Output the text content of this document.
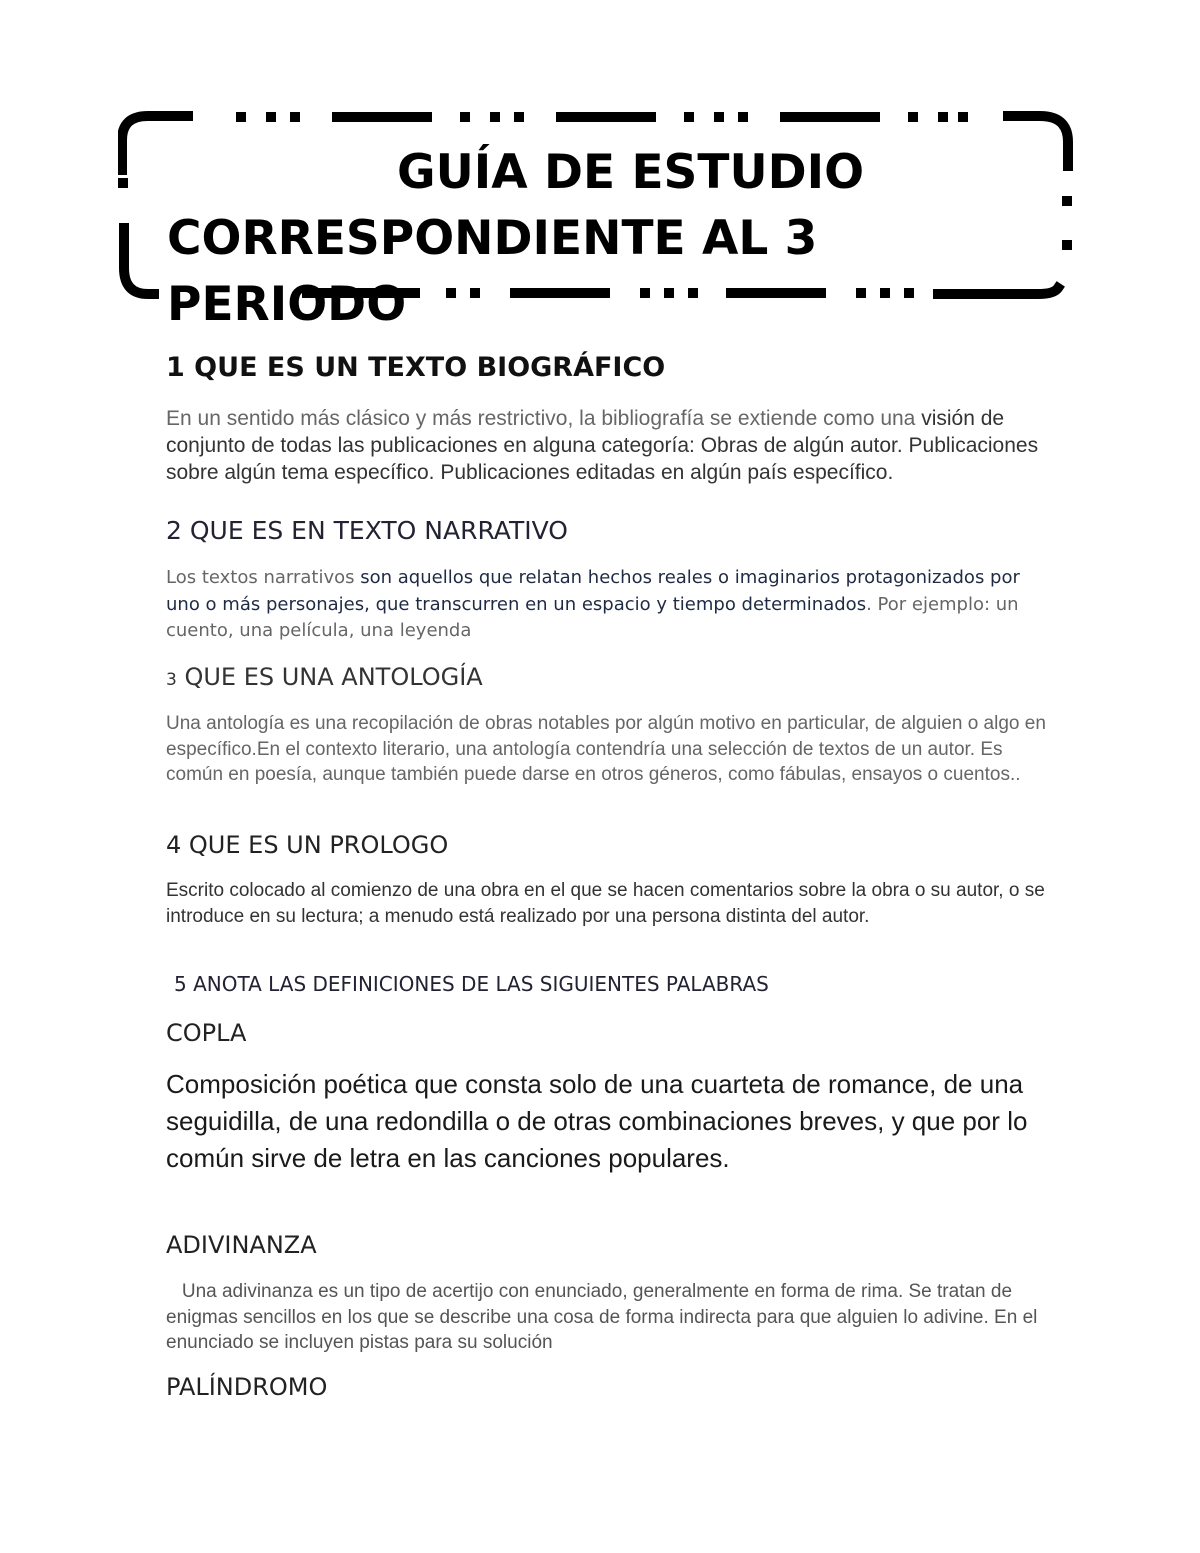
GUÍA DE ESTUDIO
CORRESPONDIENTE AL 3
PERIODO
1 QUE ES UN TEXTO BIOGRÁFICO

En un sentido más clásico y más restrictivo, la bibliografía se extiende como una visión de conjunto de todas las publicaciones en alguna categoría: Obras de algún autor. Publicaciones sobre algún tema específico. Publicaciones editadas en algún país específico.

2 QUE ES EN TEXTO NARRATIVO

Los textos narrativos son aquellos que relatan hechos reales o imaginarios protagonizados por uno o más personajes, que transcurren en un espacio y tiempo determinados. Por ejemplo: un cuento, una película, una leyenda

3 QUE ES UNA ANTOLOGÍA

Una antología es una recopilación de obras notables por algún motivo en particular, de alguien o algo en específico.En el contexto literario, una antología contendría una selección de textos de un autor. Es común en poesía, aunque también puede darse en otros géneros, como fábulas, ensayos o cuentos..

4 QUE ES UN PROLOGO

Escrito colocado al comienzo de una obra en el que se hacen comentarios sobre la obra o su autor, o se introduce en su lectura; a menudo está realizado por una persona distinta del autor.

5 ANOTA LAS DEFINICIONES DE LAS SIGUIENTES PALABRAS
COPLA

Composición poética que consta solo de una cuarteta de romance, de una seguidilla, de una redondilla o de otras combinaciones breves, y que por lo común sirve de letra en las canciones populares.

ADIVINANZA

Una adivinanza es un tipo de acertijo con enunciado, generalmente en forma de rima. Se tratan de enigmas sencillos en los que se describe una cosa de forma indirecta para que alguien lo adivine. En el enunciado se incluyen pistas para su solución

PALÍNDROMO
